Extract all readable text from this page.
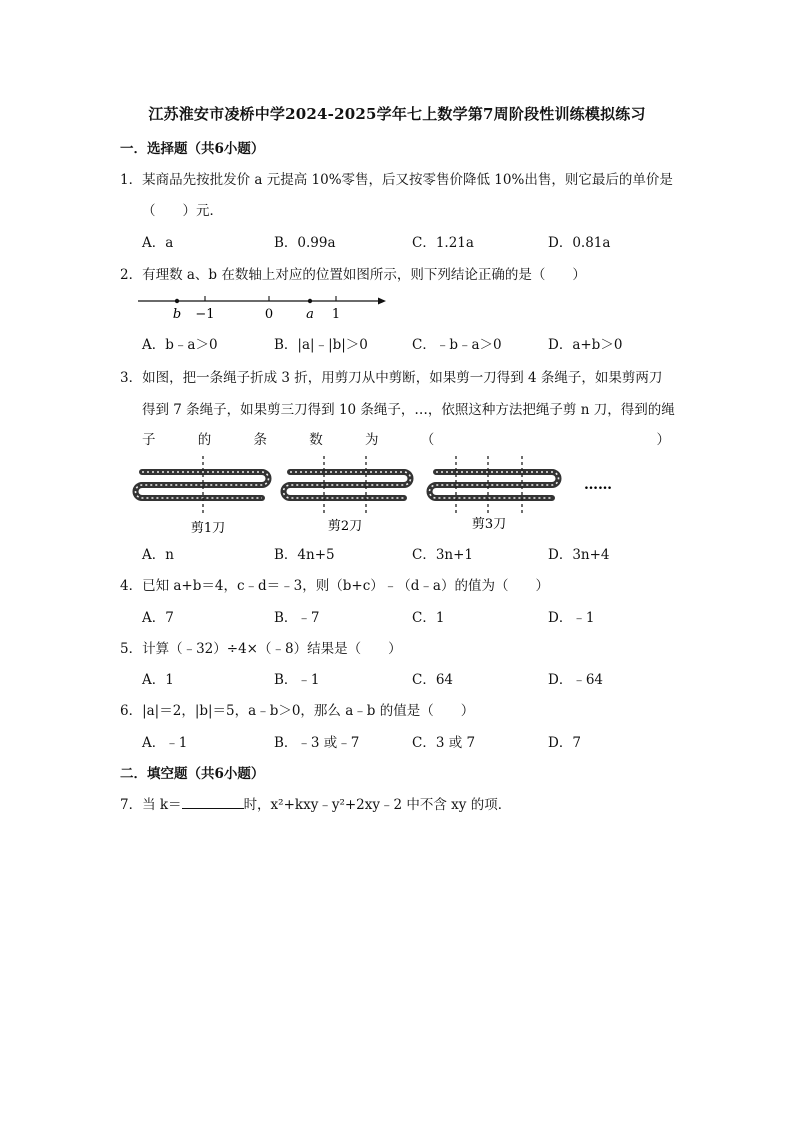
江苏淮安市凌桥中学2024-2025学年七上数学第7周阶段性训练模拟练习
一．选择题（共6小题）
1．某商品先按批发价 a 元提高 10%零售，后又按零售价降低 10%出售，则它最后的单价是
（　　）元．
A．a	B．0.99a	C．1.21a	D．0.81a
2．有理数 a、b 在数轴上对应的位置如图所示，则下列结论正确的是（　　）
b −1	0	a 1
A．b﹣a＞0	B．|a|﹣|b|＞0	C．﹣b﹣a＞0	D．a+b＞0
3．如图，把一条绳子折成 3 折，用剪刀从中剪断，如果剪一刀得到 4 条绳子，如果剪两刀
得到 7 条绳子，如果剪三刀得到 10 条绳子，…，依照这种方法把绳子剪 n 刀，得到的绳
子	的	条	数	为	（	）
……
剪1刀	剪2刀	剪3刀
A．n	B．4n+5	C．3n+1	D．3n+4
4．已知 a+b＝4，c﹣d＝﹣3，则（b+c）﹣（d﹣a）的值为（　　）
A．7	B．﹣7	C．1	D．﹣1
5．计算（﹣32）÷4×（﹣8）结果是（　　）
A．1	B．﹣1	C．64	D．﹣64
6．|a|＝2，|b|＝5，a﹣b＞0，那么 a﹣b 的值是（　　）
A．﹣1	B．﹣3 或﹣7	C．3 或 7	D．7
二．填空题（共6小题）
7．当 k＝	时，x²+kxy﹣y²+2xy﹣2 中不含 xy 的项．
